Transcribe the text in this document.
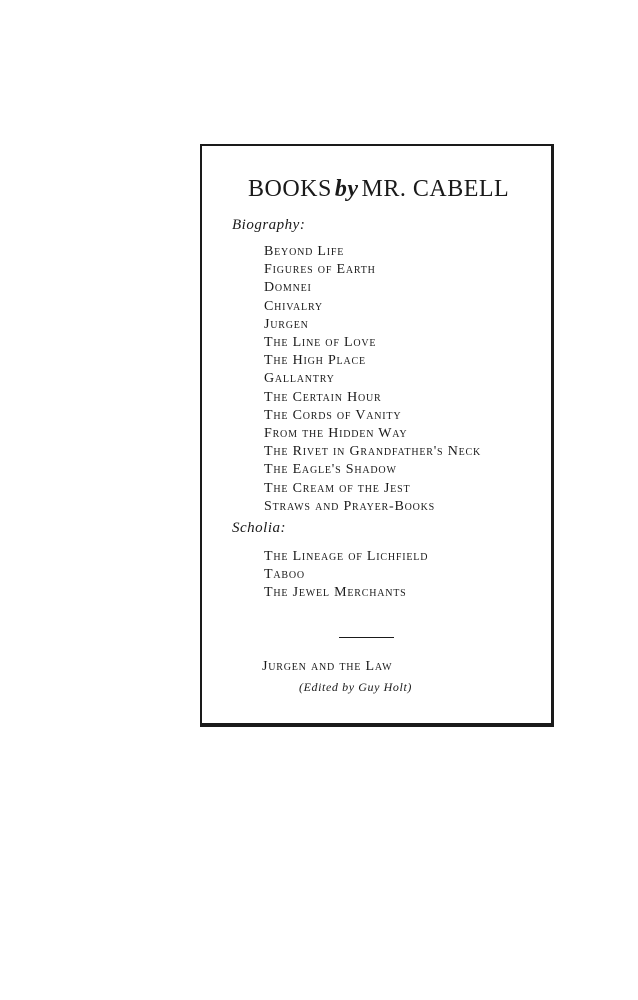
BOOKS by MR. CABELL

Biography:

Beyond Life
Figures of Earth
Domnei
Chivalry
Jurgen
The Line of Love
The High Place
Gallantry
The Certain Hour
The Cords of Vanity
From the Hidden Way
The Rivet in Grandfather's Neck
The Eagle's Shadow
The Cream of the Jest
Straws and Prayer-Books

Scholia:

The Lineage of Lichfield
Taboo
The Jewel Merchants

Jurgen and the Law

(Edited by Guy Holt)
